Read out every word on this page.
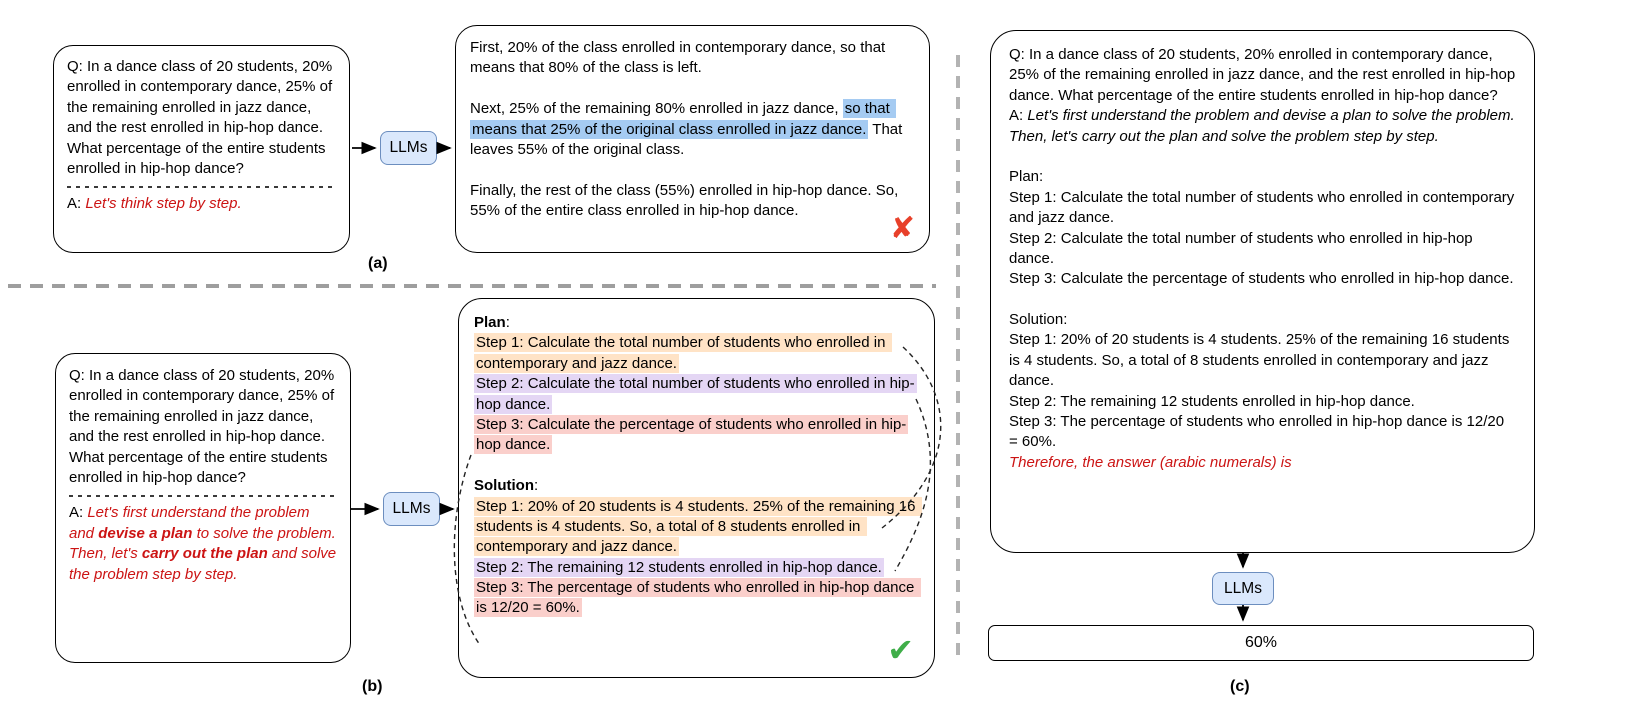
Q: In a dance class of 20 students, 20% enrolled in contemporary dance, 25% of the remaining enrolled in jazz dance, and the rest enrolled in hip-hop dance. What percentage of the entire students enrolled in hip-hop dance?

A: Let's think step by step.

LLMs

First, 20% of the class enrolled in contemporary dance, so that means that 80% of the class is left.

Next, 25% of the remaining 80% enrolled in jazz dance, so that means that 25% of the original class enrolled in jazz dance. That leaves 55% of the original class.

Finally, the rest of the class (55%) enrolled in hip-hop dance. So, 55% of the entire class enrolled in hip-hop dance.

✘
(a)

Q: In a dance class of 20 students, 20% enrolled in contemporary dance, 25% of the remaining enrolled in jazz dance, and the rest enrolled in hip-hop dance. What percentage of the entire students enrolled in hip-hop dance?

A: Let's first understand the problem and devise a plan to solve the problem.

Then, let's carry out the plan and solve the problem step by step.

LLMs

Plan:

Step 1: Calculate the total number of students who enrolled in contemporary and jazz dance.

Step 2: Calculate the total number of students who enrolled in hip-hop dance.

Step 3: Calculate the percentage of students who enrolled in hip-hop dance.

Solution:

Step 1: 20% of 20 students is 4 students. 25% of the remaining 16 students is 4 students. So, a total of 8 students enrolled in contemporary and jazz dance.

Step 2: The remaining 12 students enrolled in hip-hop dance.

Step 3: The percentage of students who enrolled in hip-hop dance is 12/20 = 60%.

✔
(b)

Q: In a dance class of 20 students, 20% enrolled in contemporary dance, 25% of the remaining enrolled in jazz dance, and the rest enrolled in hip-hop dance. What percentage of the entire students enrolled in hip-hop dance?

A: Let's first understand the problem and devise a plan to solve the problem.

Then, let's carry out the plan and solve the problem step by step.

Plan:

Step 1: Calculate the total number of students who enrolled in contemporary and jazz dance.

Step 2: Calculate the total number of students who enrolled in hip-hop dance.

Step 3: Calculate the percentage of students who enrolled in hip-hop dance.

Solution:

Step 1: 20% of 20 students is 4 students. 25% of the remaining 16 students is 4 students. So, a total of 8 students enrolled in contemporary and jazz dance.

Step 2: The remaining 12 students enrolled in hip-hop dance.

Step 3: The percentage of students who enrolled in hip-hop dance is 12/20 = 60%.

Therefore, the answer (arabic numerals) is

LLMs
60%
(c)
